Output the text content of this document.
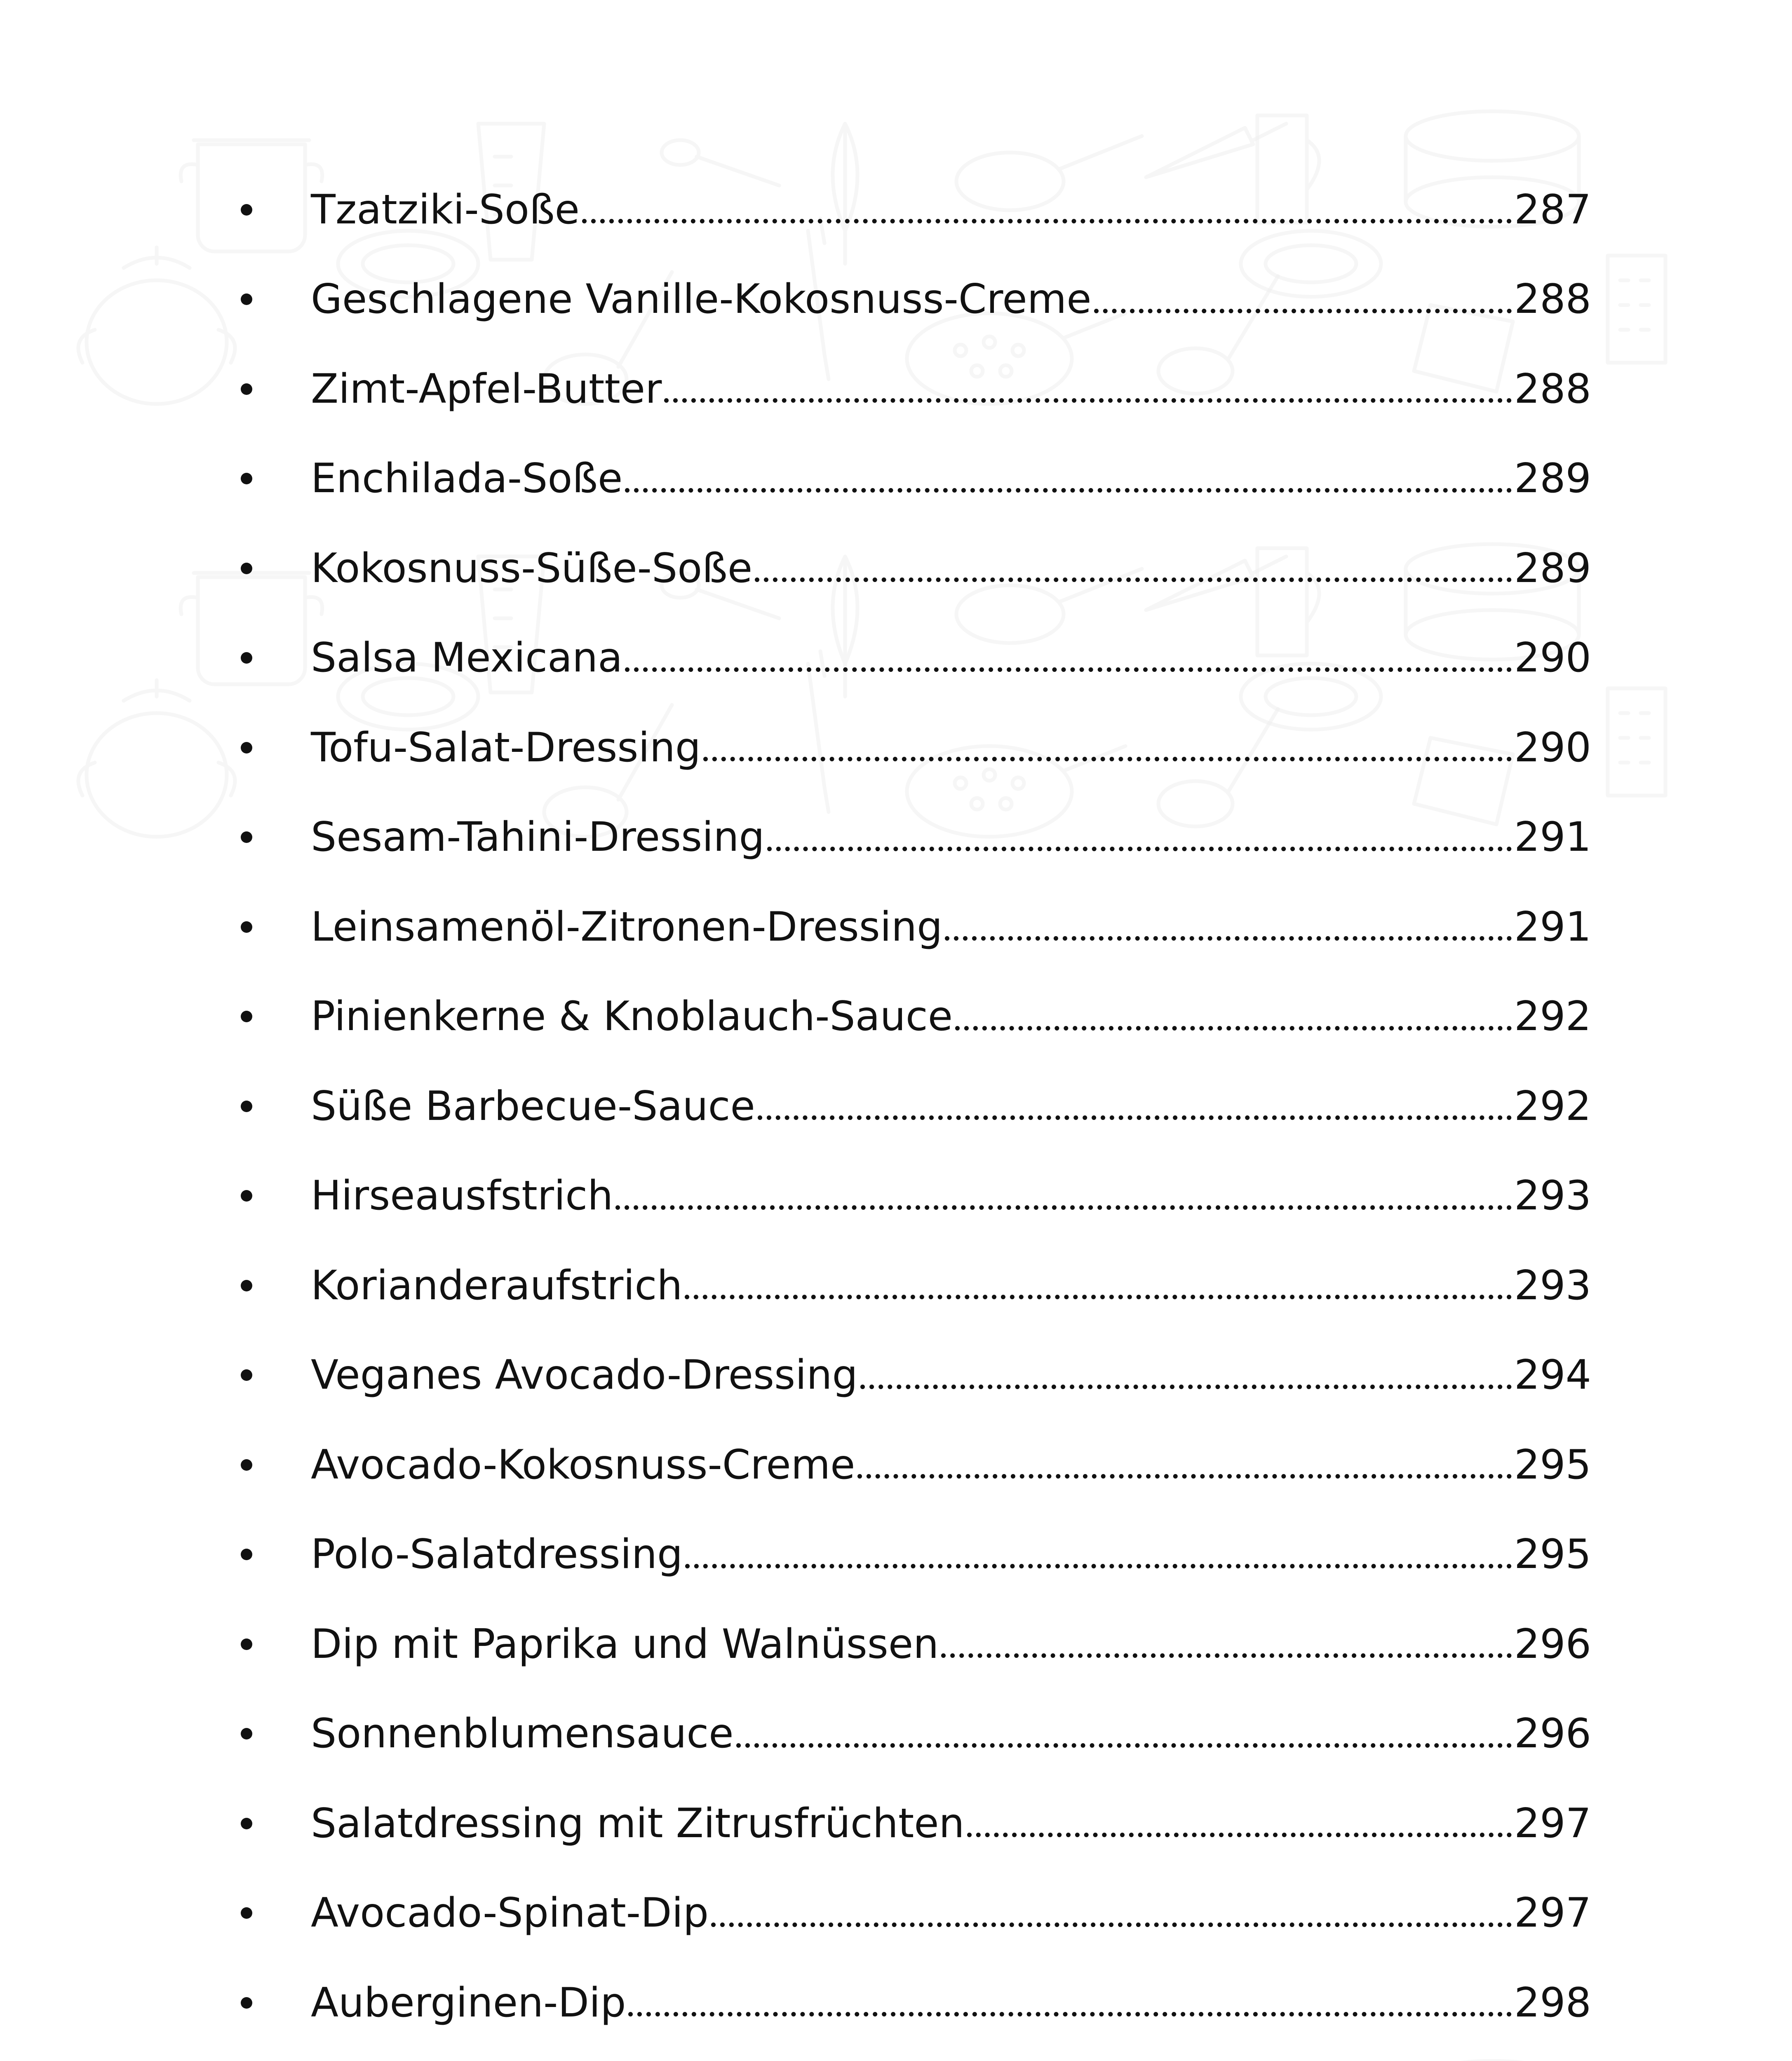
Tzatziki-Soße	287
Geschlagene Vanille-Kokosnuss-Creme	288
Zimt-Apfel-Butter	288
Enchilada-Soße	289
Kokosnuss-Süße-Soße	289
Salsa Mexicana	290
Tofu-Salat-Dressing	290
Sesam-Tahini-Dressing	291
Leinsamenöl-Zitronen-Dressing	291
Pinienkerne & Knoblauch-Sauce	292
Süße Barbecue-Sauce	292
Hirseausfstrich	293
Korianderaufstrich	293
Veganes Avocado-Dressing	294
Avocado-Kokosnuss-Creme	295
Polo-Salatdressing	295
Dip mit Paprika und Walnüssen	296
Sonnenblumensauce	296
Salatdressing mit Zitrusfrüchten	297
Avocado-Spinat-Dip	297
Auberginen-Dip	298
